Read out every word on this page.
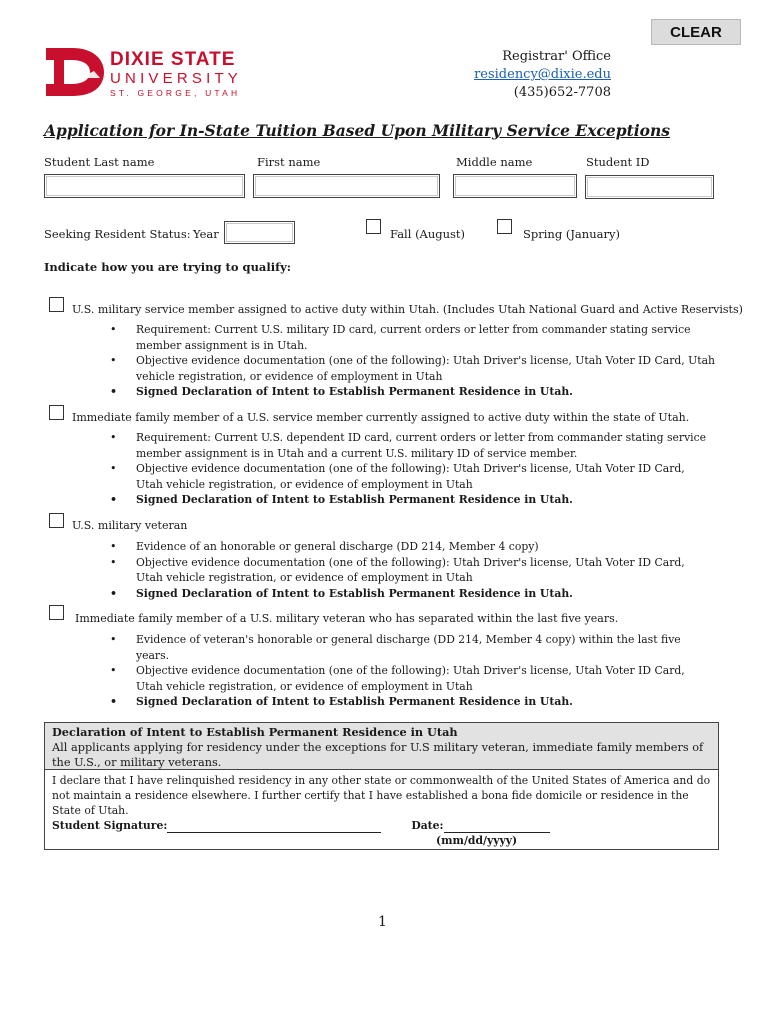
CLEAR
DIXIE STATE
UNIVERSITY
ST. GEORGE, UTAH
Registrar' Office
residency@dixie.edu
(435)652-7708
Application for In-State Tuition Based Upon Military Service Exceptions
Student Last name	First name	Middle name	Student ID
Seeking Resident Status: Year	Fall (August)	Spring (January)
Indicate how you are trying to qualify:
U.S. military service member assigned to active duty within Utah. (Includes Utah National Guard and Active Reservists)
• Requirement: Current U.S. military ID card, current orders or letter from commander stating service member assignment is in Utah.
• Objective evidence documentation (one of the following): Utah Driver's license, Utah Voter ID Card, Utah vehicle registration, or evidence of employment in Utah
• Signed Declaration of Intent to Establish Permanent Residence in Utah.
Immediate family member of a U.S. service member currently assigned to active duty within the state of Utah.
• Requirement: Current U.S. dependent ID card, current orders or letter from commander stating service member assignment is in Utah and a current U.S. military ID of service member.
• Objective evidence documentation (one of the following): Utah Driver's license, Utah Voter ID Card, Utah vehicle registration, or evidence of employment in Utah
• Signed Declaration of Intent to Establish Permanent Residence in Utah.
U.S. military veteran
• Evidence of an honorable or general discharge (DD 214, Member 4 copy)
• Objective evidence documentation (one of the following): Utah Driver's license, Utah Voter ID Card, Utah vehicle registration, or evidence of employment in Utah
• Signed Declaration of Intent to Establish Permanent Residence in Utah.
Immediate family member of a U.S. military veteran who has separated within the last five years.
• Evidence of veteran's honorable or general discharge (DD 214, Member 4 copy) within the last five years.
• Objective evidence documentation (one of the following): Utah Driver's license, Utah Voter ID Card, Utah vehicle registration, or evidence of employment in Utah
• Signed Declaration of Intent to Establish Permanent Residence in Utah.
Declaration of Intent to Establish Permanent Residence in Utah
All applicants applying for residency under the exceptions for U.S military veteran, immediate family members of the U.S., or military veterans.
I declare that I have relinquished residency in any other state or commonwealth of the United States of America and do not maintain a residence elsewhere. I further certify that I have established a bona fide domicile or residence in the State of Utah.
Student Signature:	Date:
(mm/dd/yyyy)
1
